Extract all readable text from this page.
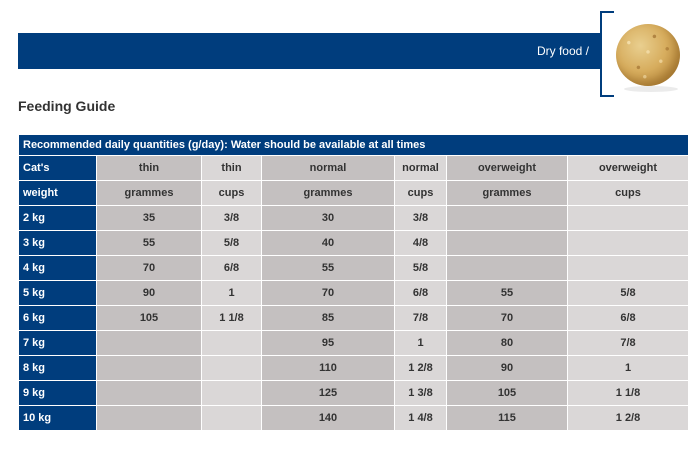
Dry food /
Feeding Guide
Recommended daily quantities (g/day): Water should be available at all times						
Cat's	thin	thin	normal	normal	overweight	overweight
weight	grammes	cups	grammes	cups	grammes	cups
2 kg	35	3/8	30	3/8		
3 kg	55	5/8	40	4/8		
4 kg	70	6/8	55	5/8		
5 kg	90	1	70	6/8	55	5/8
6 kg	105	1 1/8	85	7/8	70	6/8
7 kg			95	1	80	7/8
8 kg			110	1 2/8	90	1
9 kg			125	1 3/8	105	1 1/8
10 kg			140	1 4/8	115	1 2/8
